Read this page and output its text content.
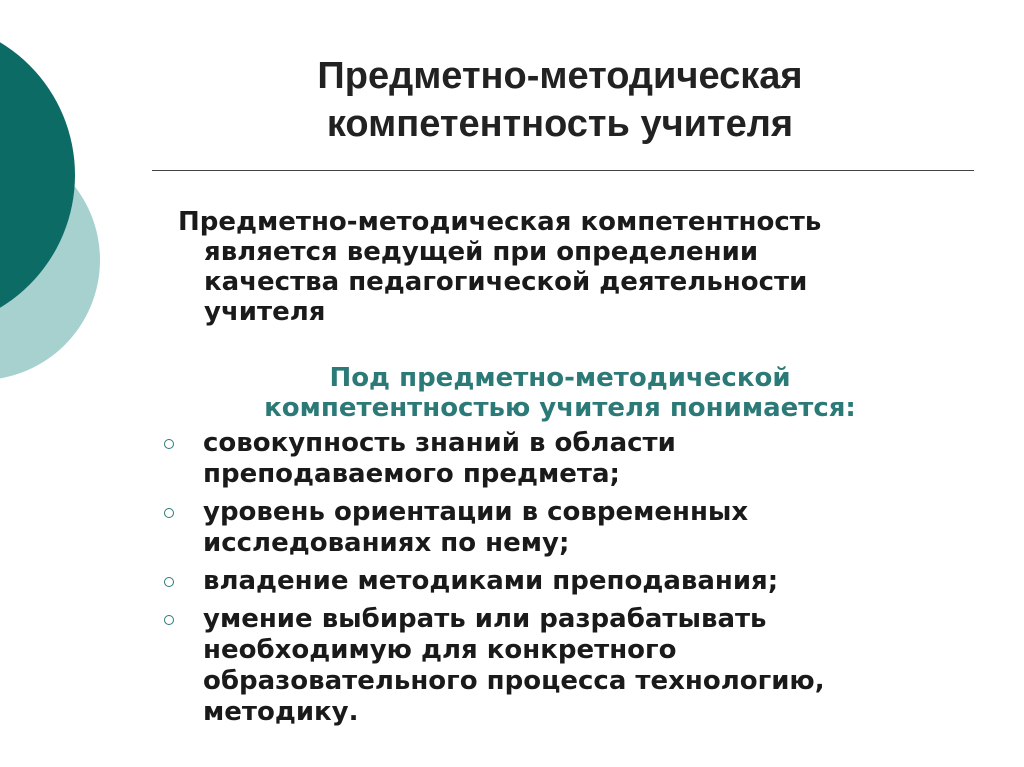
Предметно-методическая
компетентность учителя
Предметно-методическая компетентность
является ведущей при определении
качества педагогической деятельности
учителя
Под предметно-методической
компетентностью учителя понимается:
совокупность знаний в области
преподаваемого предмета;
уровень ориентации в современных
исследованиях по нему;
владение методиками преподавания;
умение выбирать или разрабатывать
необходимую для конкретного
образовательного процесса технологию,
методику.
